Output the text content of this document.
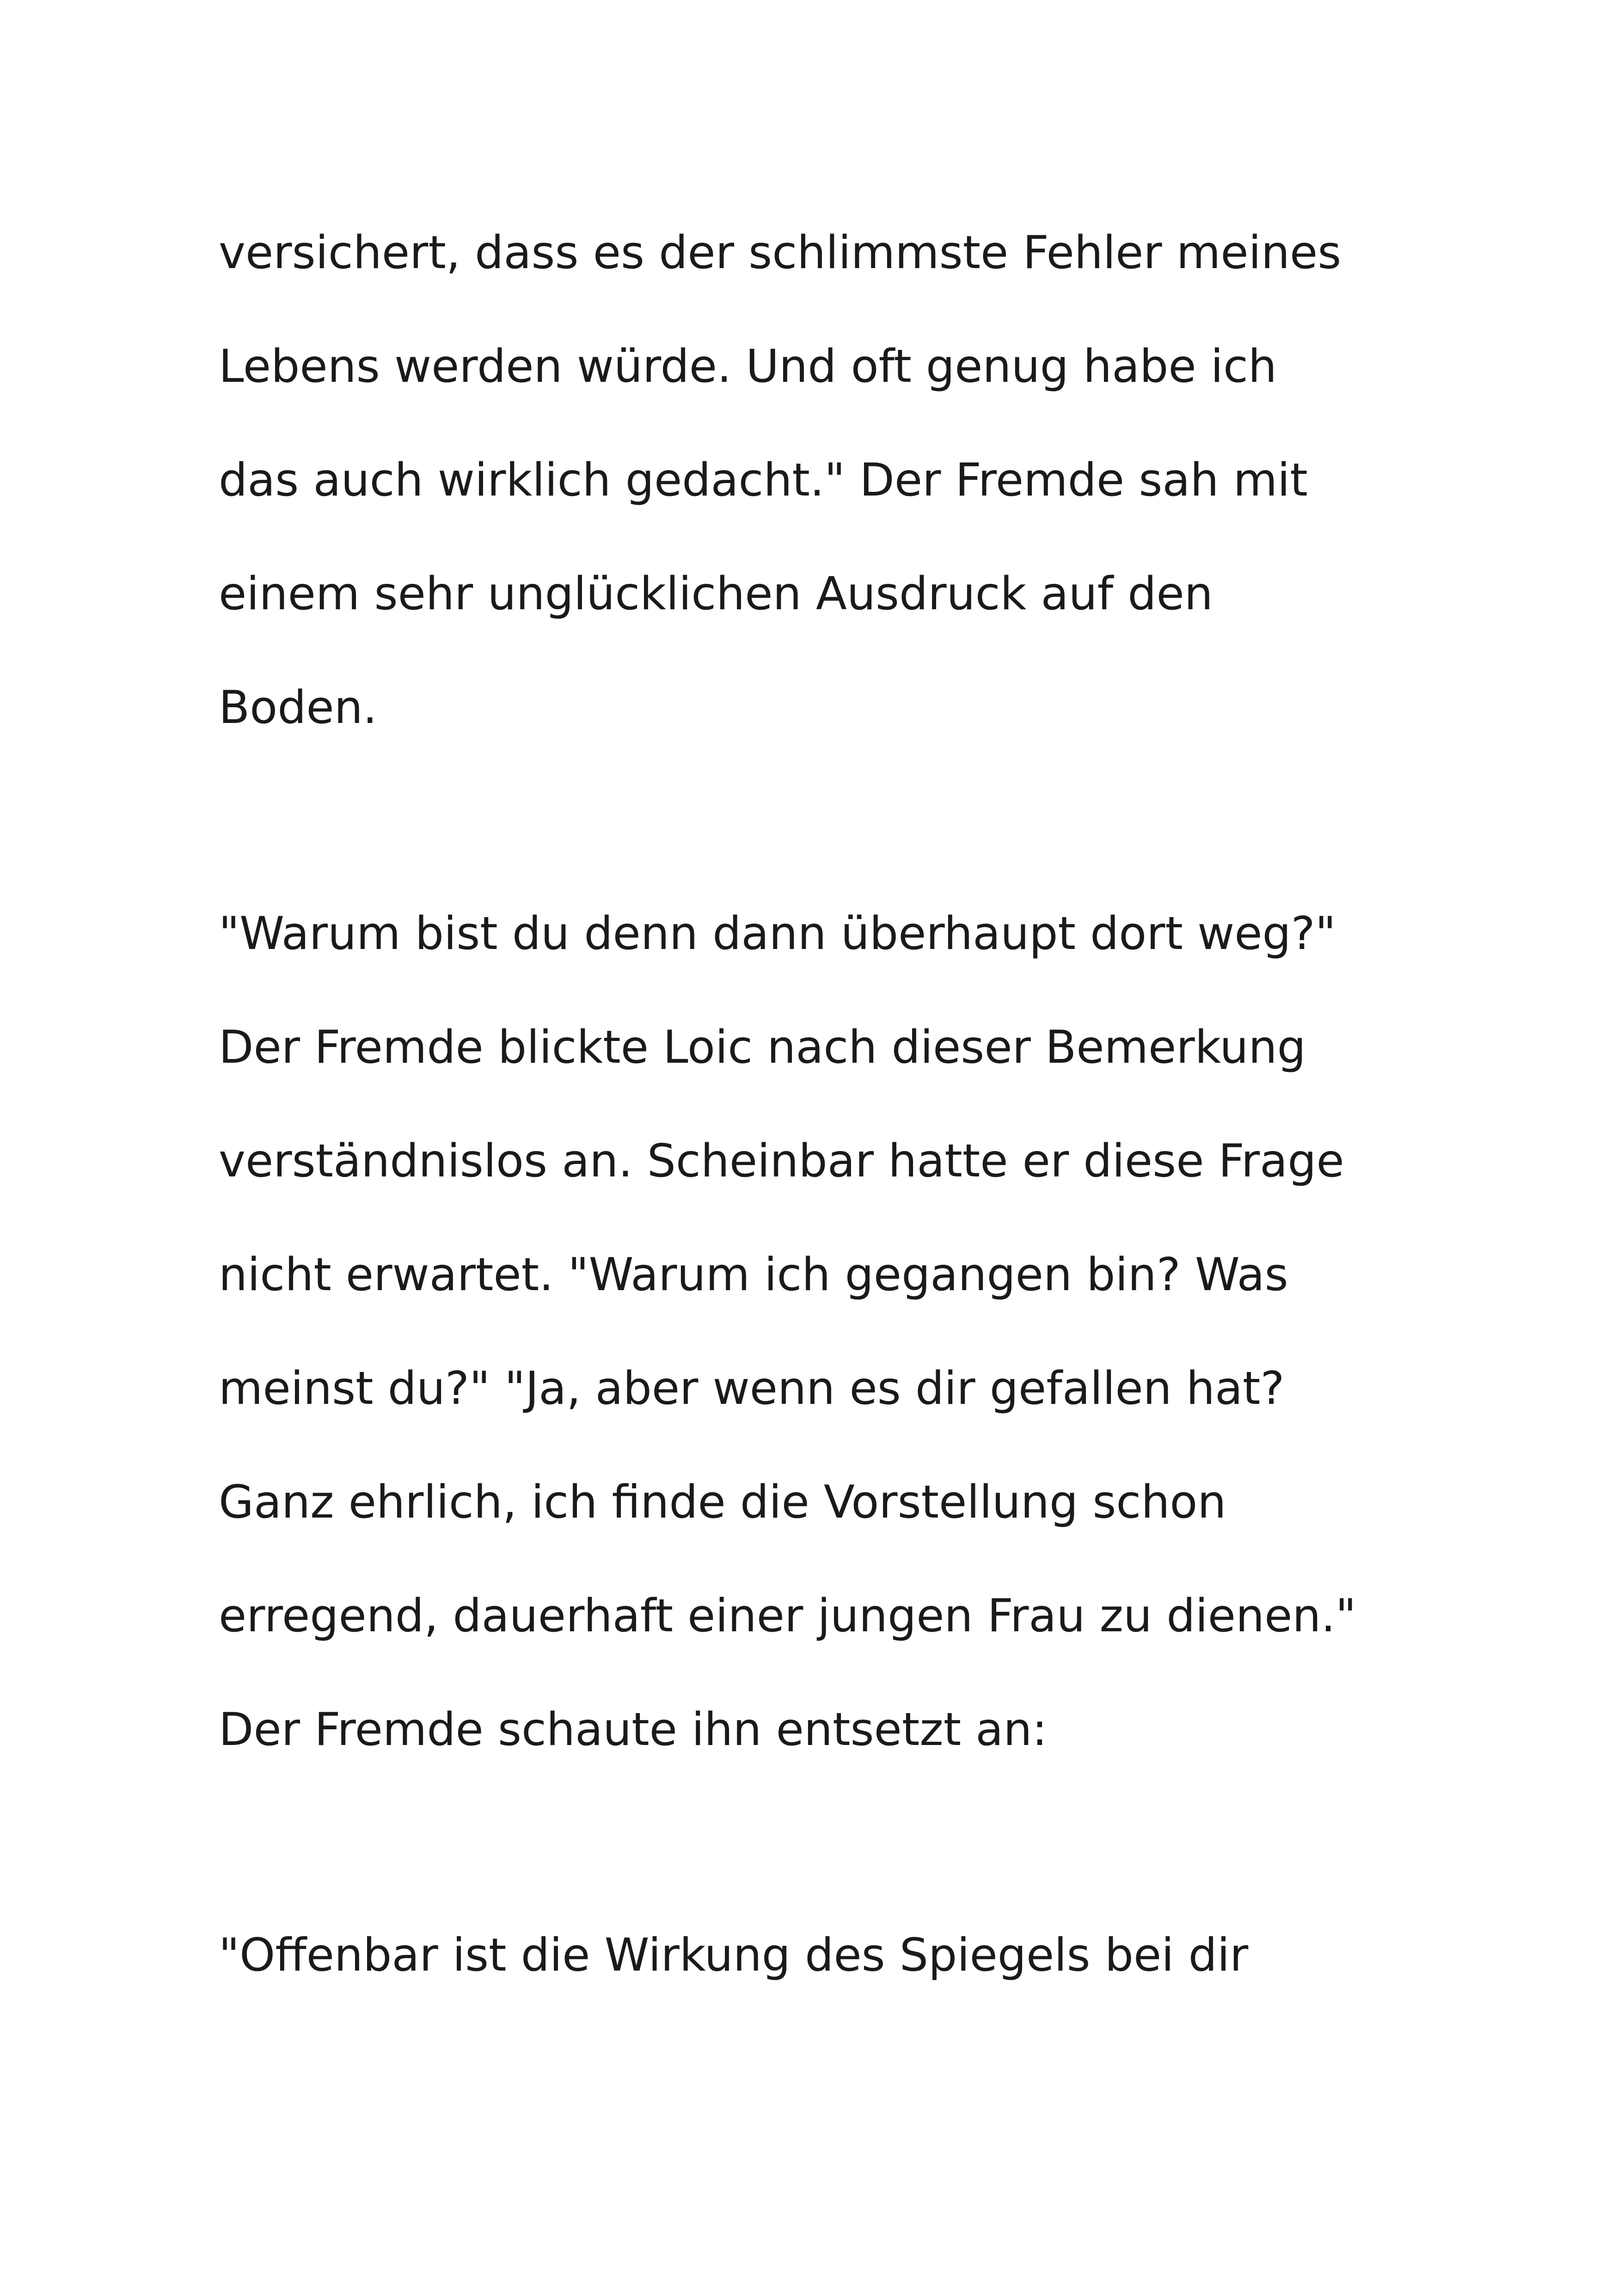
versichert, dass es der schlimmste Fehler meines
Lebens werden würde. Und oft genug habe ich
das auch wirklich gedacht." Der Fremde sah mit
einem sehr unglücklichen Ausdruck auf den
Boden.
"Warum bist du denn dann überhaupt dort weg?"
Der Fremde blickte Loic nach dieser Bemerkung
verständnislos an. Scheinbar hatte er diese Frage
nicht erwartet. "Warum ich gegangen bin? Was
meinst du?" "Ja, aber wenn es dir gefallen hat?
Ganz ehrlich, ich finde die Vorstellung schon
erregend, dauerhaft einer jungen Frau zu dienen."
Der Fremde schaute ihn entsetzt an:
"Offenbar ist die Wirkung des Spiegels bei dir
